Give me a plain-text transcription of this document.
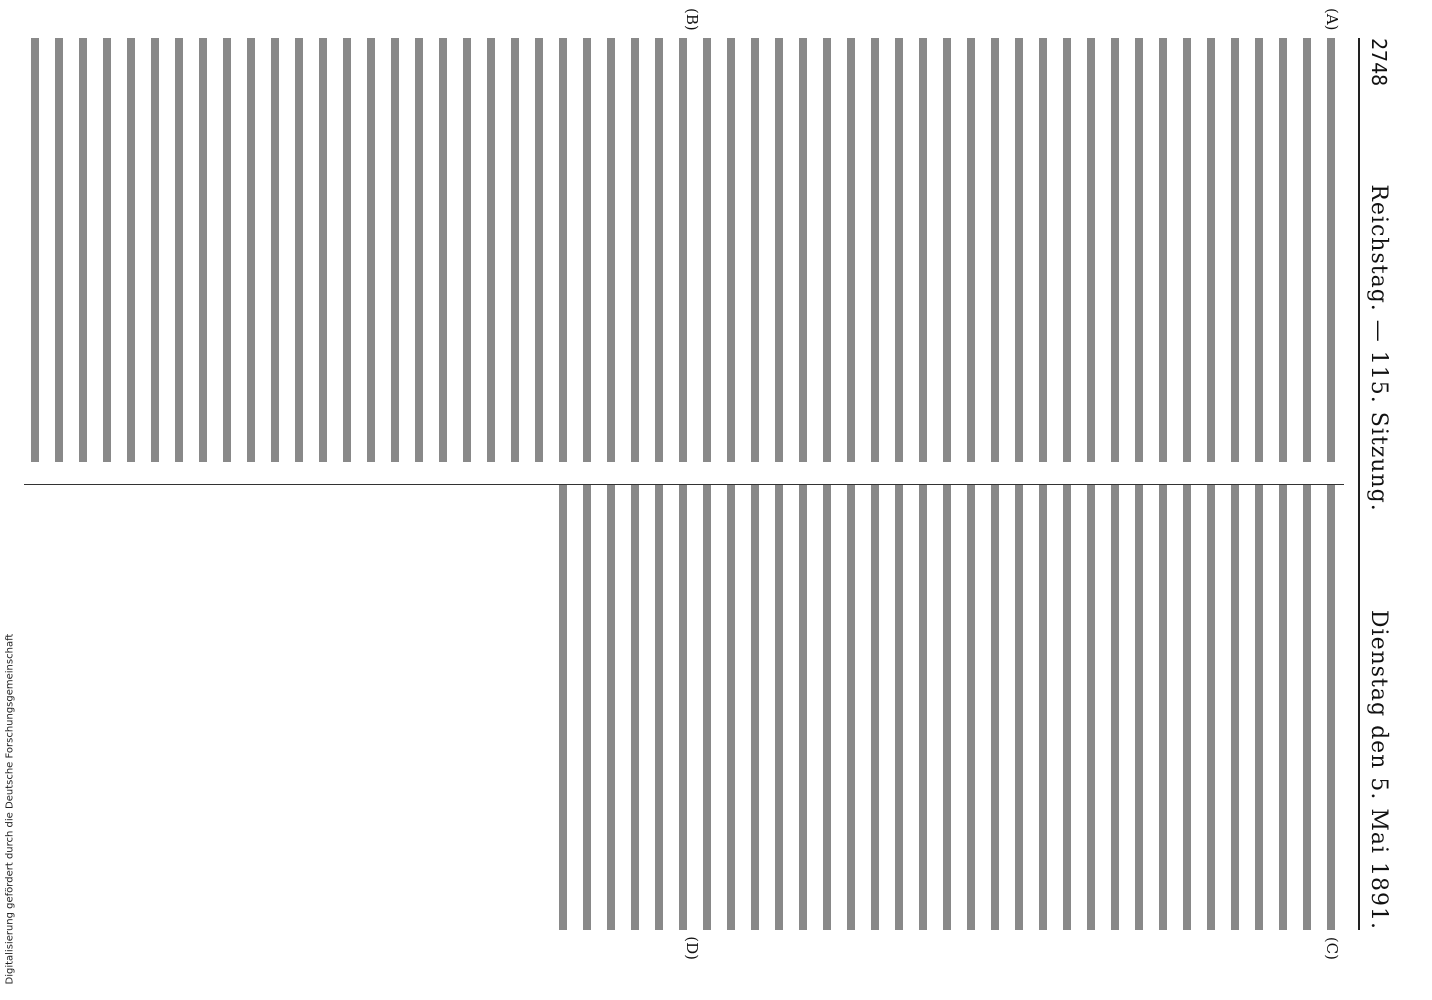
2748
Reichstag. — 115. Sitzung.
Dienstag den 5. Mai 1891.
(A)
(B)
(C)
(D)
Digitalisierung gefördert durch die Deutsche Forschungsgemeinschaft
